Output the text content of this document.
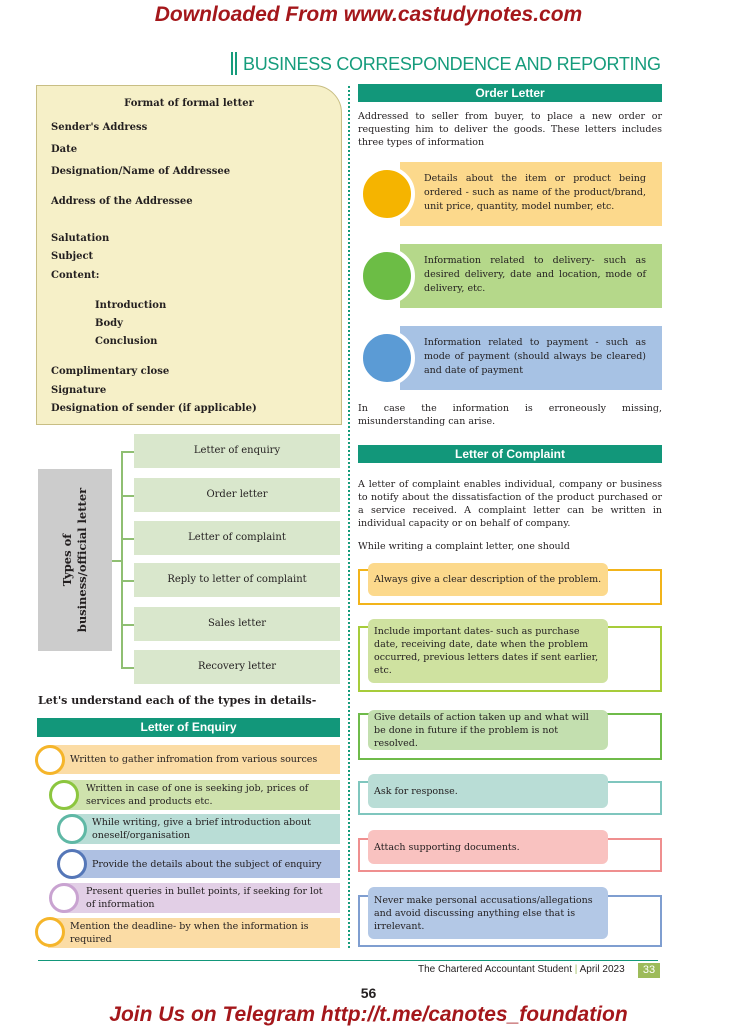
Downloaded From www.castudynotes.com
BUSINESS CORRESPONDENCE AND REPORTING
Format of formal letter
Sender's Address
Date
Designation/Name of Addressee
Address of the Addressee
Salutation
Subject
Content:
Introduction
Body
Conclusion
Complimentary close
Signature
Designation of sender (if applicable)
Types of business/official letter
Letter of enquiry
Order letter
Letter of complaint
Reply to letter of complaint
Sales letter
Recovery letter
Let's understand each of the types in details-
Letter of Enquiry
Written to gather infromation from various sources
Written in case of one is seeking job, prices of services and products etc.
While writing, give a brief introduction about oneself/organisation
Provide the details about the subject of enquiry
Present queries in bullet points, if seeking for lot of information
Mention the deadline- by when the information is required
Order Letter
Addressed to seller from buyer, to place a new order or requesting him to deliver the goods. These letters includes three types of information
Details about the item or product being ordered - such as name of the product/brand, unit price, quantity, model number, etc.
Information related to delivery- such as desired delivery, date and location, mode of delivery, etc.
Information related to payment - such as mode of payment (should always be cleared) and date of payment
In case the information is erroneously missing, misunderstanding can arise.
Letter of Complaint
A letter of complaint enables individual, company or business to notify about the dissatisfaction of the product purchased or a service received. A complaint letter can be written in individual capacity or on behalf of company.
While writing a complaint letter, one should
Always give a clear description of the problem.
Include important dates- such as purchase date, receiving date, date when the problem occurred, previous letters dates if sent earlier, etc.
Give details of action taken up and what will be done in future if the problem is not resolved.
Ask for response.
Attach supporting documents.
Never make personal accusations/allegations and avoid discussing anything else that is irrelevant.
The Chartered Accountant Student | April 2023	33
56
Join Us on Telegram http://t.me/canotes_foundation
